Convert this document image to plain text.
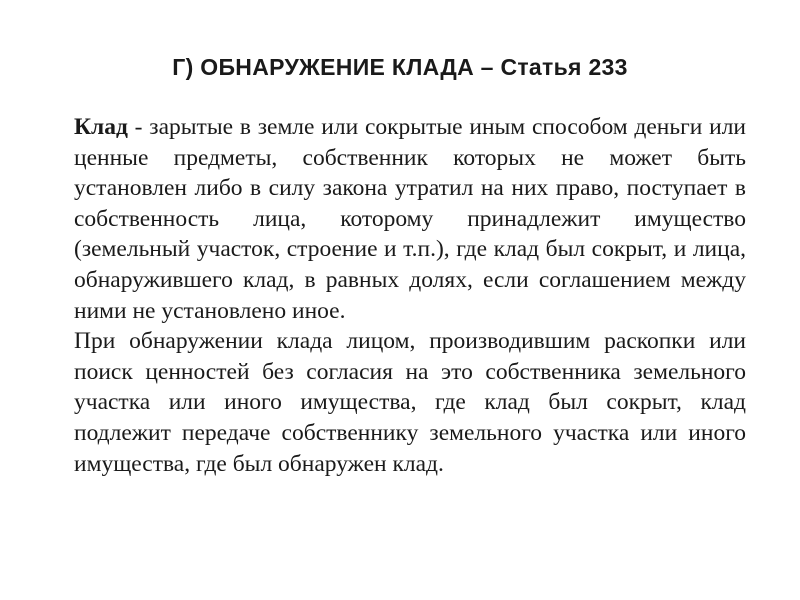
Г) ОБНАРУЖЕНИЕ КЛАДА – Статья 233

Клад - зарытые в земле или сокрытые иным способом деньги или ценные предметы, собственник которых не может быть установлен либо в силу закона утратил на них право, поступает в собственность лица, которому принадлежит имущество (земельный участок, строение и т.п.), где клад был сокрыт, и лица, обнаружившего клад, в равных долях, если соглашением между ними не установлено иное.

При обнаружении клада лицом, производившим раскопки или поиск ценностей без согласия на это собственника земельного участка или иного имущества, где клад был сокрыт, клад подлежит передаче собственнику земельного участка или иного имущества, где был обнаружен клад.
